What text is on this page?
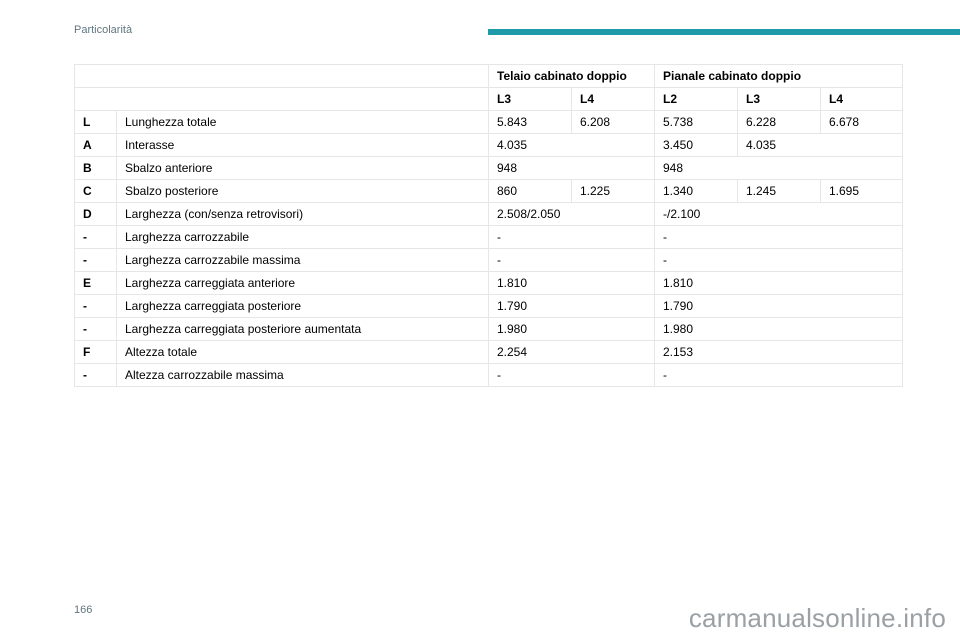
Particolarità
		Telaio cabinato doppio		Pianale cabinato doppio		
		L3	L4	L2	L3	L4
L	Lunghezza totale	5.843	6.208	5.738	6.228	6.678
A	Interasse	4.035		3.450	4.035	
B	Sbalzo anteriore	948		948		
C	Sbalzo posteriore	860	1.225	1.340	1.245	1.695
D	Larghezza (con/senza retrovisori)	2.508/2.050		-/2.100		
-	Larghezza carrozzabile	-		-		
-	Larghezza carrozzabile massima	-		-		
E	Larghezza carreggiata anteriore	1.810		1.810		
-	Larghezza carreggiata posteriore	1.790		1.790		
-	Larghezza carreggiata posteriore aumentata	1.980		1.980		
F	Altezza totale	2.254		2.153		
-	Altezza carrozzabile massima	-		-		
166	carmanualsonline.info
